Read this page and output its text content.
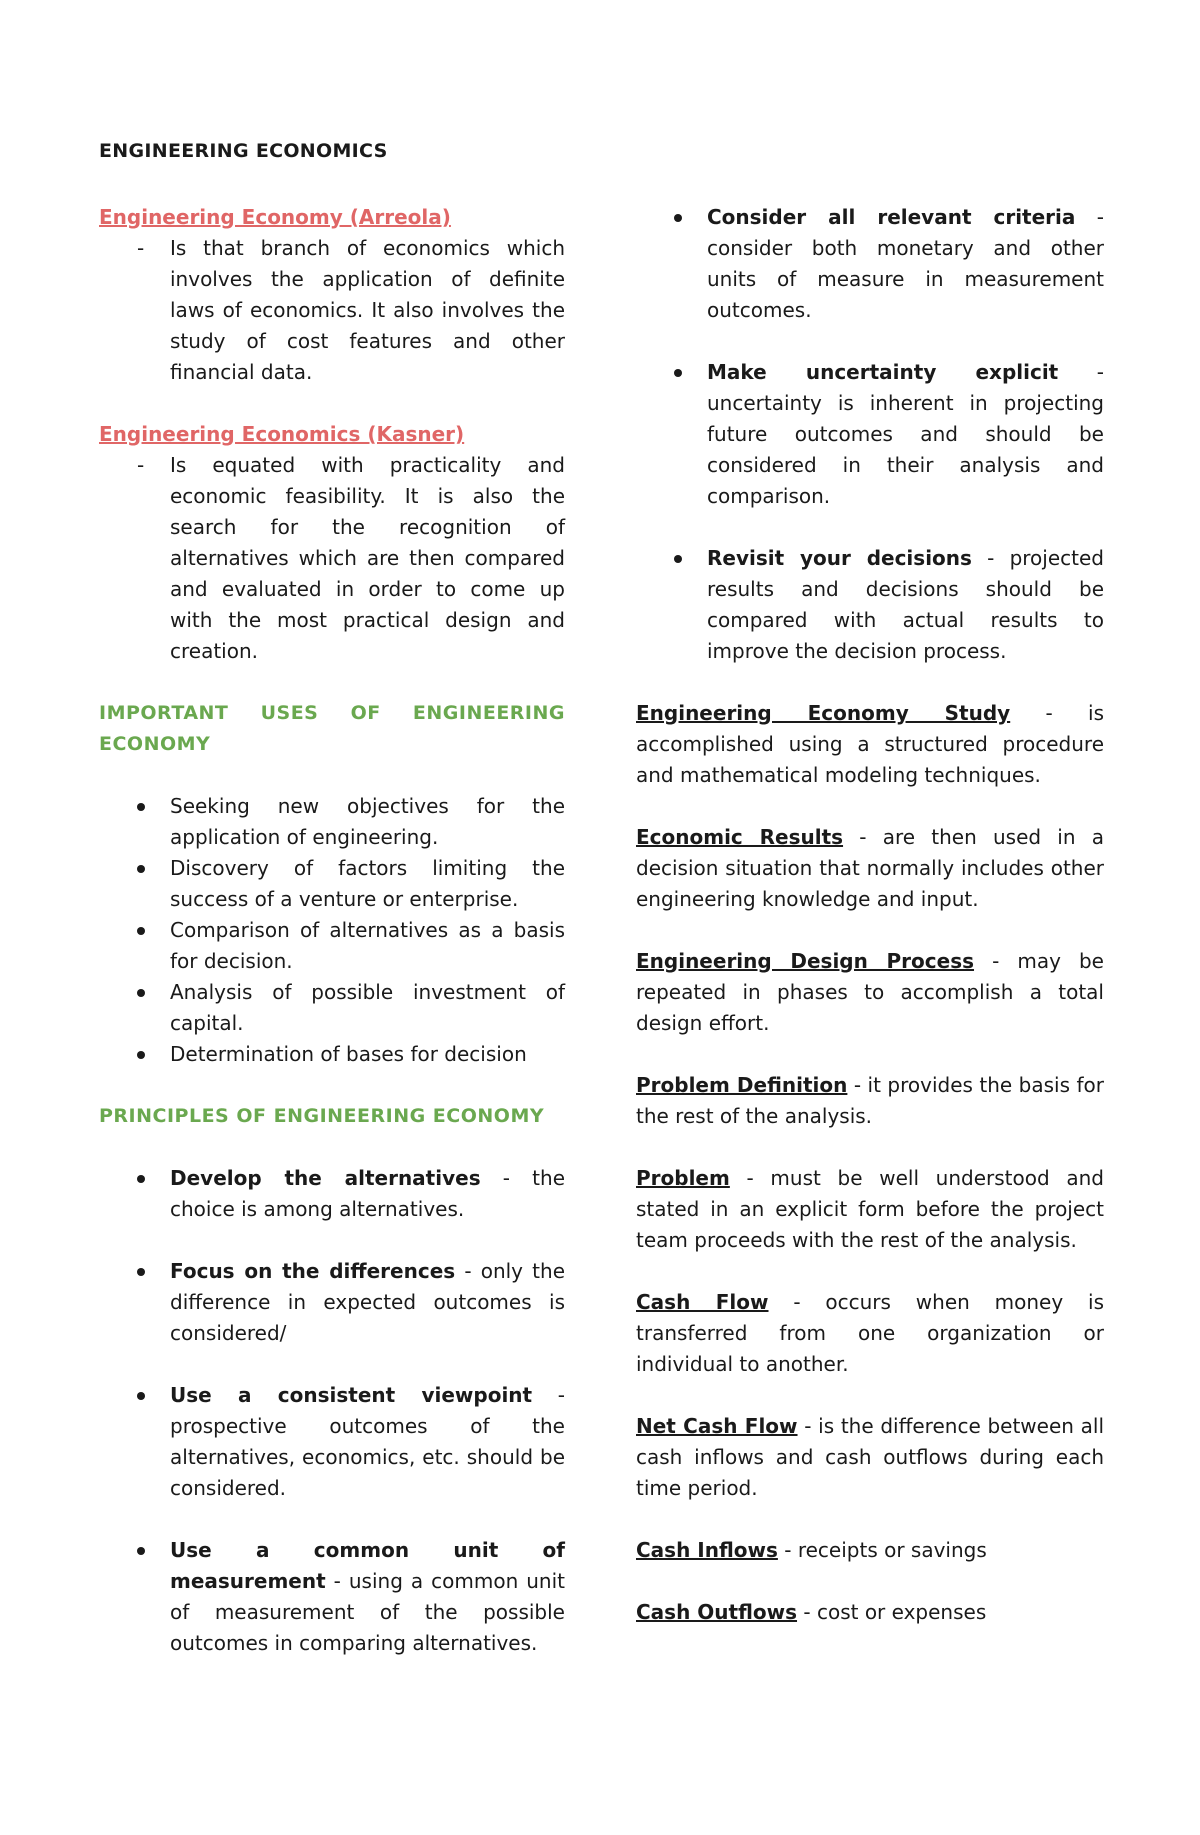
ENGINEERING ECONOMICS
Engineering Economy (Arreola)
- Is that branch of economics which involves the application of definite laws of economics. It also involves the study of cost features and other financial data.
Engineering Economics (Kasner)
- Is equated with practicality and economic feasibility. It is also the search for the recognition of alternatives which are then compared and evaluated in order to come up with the most practical design and creation.
IMPORTANT USES OF ENGINEERING ECONOMY
Seeking new objectives for the application of engineering.
Discovery of factors limiting the success of a venture or enterprise.
Comparison of alternatives as a basis for decision.
Analysis of possible investment of capital.
Determination of bases for decision
PRINCIPLES OF ENGINEERING ECONOMY
Develop the alternatives - the choice is among alternatives.
Focus on the differences - only the difference in expected outcomes is considered/
Use a consistent viewpoint - prospective outcomes of the alternatives, economics, etc. should be considered.
Use a common unit of measurement - using a common unit of measurement of the possible outcomes in comparing alternatives.
Consider all relevant criteria - consider both monetary and other units of measure in measurement outcomes.
Make uncertainty explicit - uncertainty is inherent in projecting future outcomes and should be considered in their analysis and comparison.
Revisit your decisions - projected results and decisions should be compared with actual results to improve the decision process.

Engineering Economy Study - is accomplished using a structured procedure and mathematical modeling techniques.

Economic Results - are then used in a decision situation that normally includes other engineering knowledge and input.

Engineering Design Process - may be repeated in phases to accomplish a total design effort.

Problem Definition - it provides the basis for the rest of the analysis.

Problem - must be well understood and stated in an explicit form before the project team proceeds with the rest of the analysis.

Cash Flow - occurs when money is transferred from one organization or individual to another.

Net Cash Flow - is the difference between all cash inflows and cash outflows during each time period.

Cash Inflows - receipts or savings

Cash Outflows - cost or expenses
